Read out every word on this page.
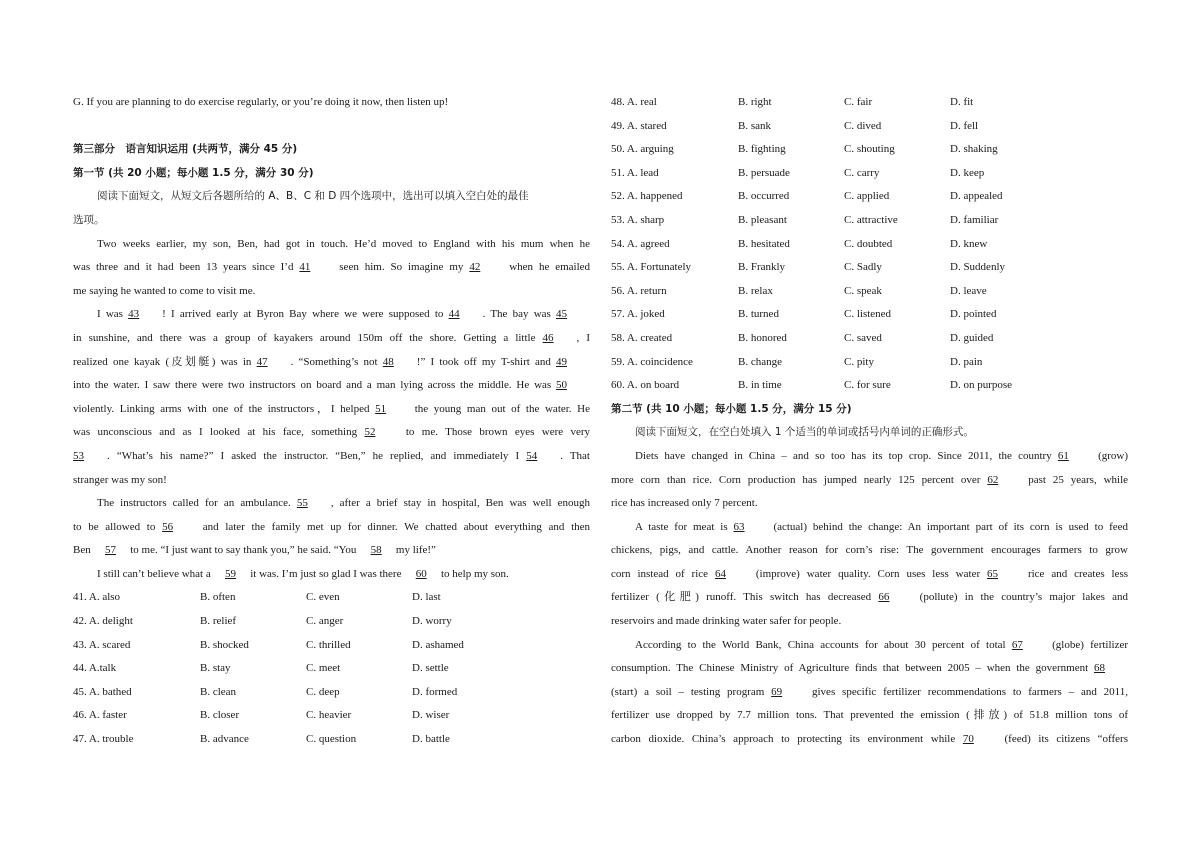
G. If you are planning to do exercise regularly, or you’re doing it now, then listen up!
第三部分　语言知识运用 (共两节，满分 45 分)
第一节 (共 20 小题；每小题 1.5 分，满分 30 分)
阅读下面短文，从短文后各题所给的 A、B、C 和 D 四个选项中，选出可以填入空白处的最佳
选项。
Two weeks earlier, my son, Ben, had got in touch. He’d moved to England with his mum when he
was three and it had been 13 years since I’d 41	seen him. So imagine my 42	when he emailed
me saying he wanted to come to visit me.
I was 43 ! I arrived early at Byron Bay where we were supposed to 44 . The bay was 45
in sunshine, and there was a group of kayakers around 150m off the shore. Getting a little 46 , I
realized one kayak (皮划艇) was in 47 . “Something’s not 48 !” I took off my T-shirt and 49
into the water. I saw there were two instructors on board and a man lying across the middle. He was 50
violently. Linking arms with one of the instructors，I helped 51	the young man out of the water. He
was unconscious and as I looked at his face, something 52	to me. Those brown eyes were very
53 . “What’s his name?” I asked the instructor. “Ben,” he replied, and immediately I 54 . That
stranger was my son!
The instructors called for an ambulance. 55 , after a brief stay in hospital, Ben was well enough
to be allowed to 56	and later the family met up for dinner. We chatted about everything and then
Ben 57 to me. “I just want to say thank you,” he said. “You 58 my life!”
I still can’t believe what a 59 it was. I’m just so glad I was there 60 to help my son.
41. A. also	B. often	C. even	D. last
42. A. delight	B. relief	C. anger	D. worry
43. A. scared	B. shocked	C. thrilled	D. ashamed
44. A.talk	B. stay	C. meet	D. settle
45. A. bathed	B. clean	C. deep	D. formed
46. A. faster	B. closer	C. heavier	D. wiser
47. A. trouble	B. advance	C. question	D. battle
48. A. real	B. right	C. fair	D. fit
49. A. stared	B. sank	C. dived	D. fell
50. A. arguing	B. fighting	C. shouting	D. shaking
51. A. lead	B. persuade	C. carry	D. keep
52. A. happened	B. occurred	C. applied	D. appealed
53. A. sharp	B. pleasant	C. attractive	D. familiar
54. A. agreed	B. hesitated	C. doubted	D. knew
55. A. Fortunately	B. Frankly	C. Sadly	D. Suddenly
56. A. return	B. relax	C. speak	D. leave
57. A. joked	B. turned	C. listened	D. pointed
58. A. created	B. honored	C. saved	D. guided
59. A. coincidence	B. change	C. pity	D. pain
60. A. on board	B. in time	C. for sure	D. on purpose
第二节 (共 10 小题；每小题 1.5 分，满分 15 分)
阅读下面短文，在空白处填入 1 个适当的单词或括号内单词的正确形式。
Diets have changed in China – and so too has its top crop. Since 2011, the country 61	(grow)
more corn than rice. Corn production has jumped nearly 125 percent over 62	past 25 years, while
rice has increased only 7 percent.
A taste for meat is 63	(actual) behind the change: An important part of its corn is used to feed
chickens, pigs, and cattle. Another reason for corn’s rise: The government encourages farmers to grow
corn instead of rice 64	(improve) water quality. Corn uses less water 65	rice and creates less
fertilizer (化肥) runoff. This switch has decreased 66	(pollute) in the country’s major lakes and
reservoirs and made drinking water safer for people.
According to the World Bank, China accounts for about 30 percent of total 67	(globe) fertilizer
consumption. The Chinese Ministry of Agriculture finds that between 2005 – when the government 68
(start) a soil – testing program 69	gives specific fertilizer recommendations to farmers – and 2011,
fertilizer use dropped by 7.7 million tons. That prevented the emission (排放) of 51.8 million tons of
carbon dioxide. China’s approach to protecting its environment while 70	(feed) its citizens “offers
